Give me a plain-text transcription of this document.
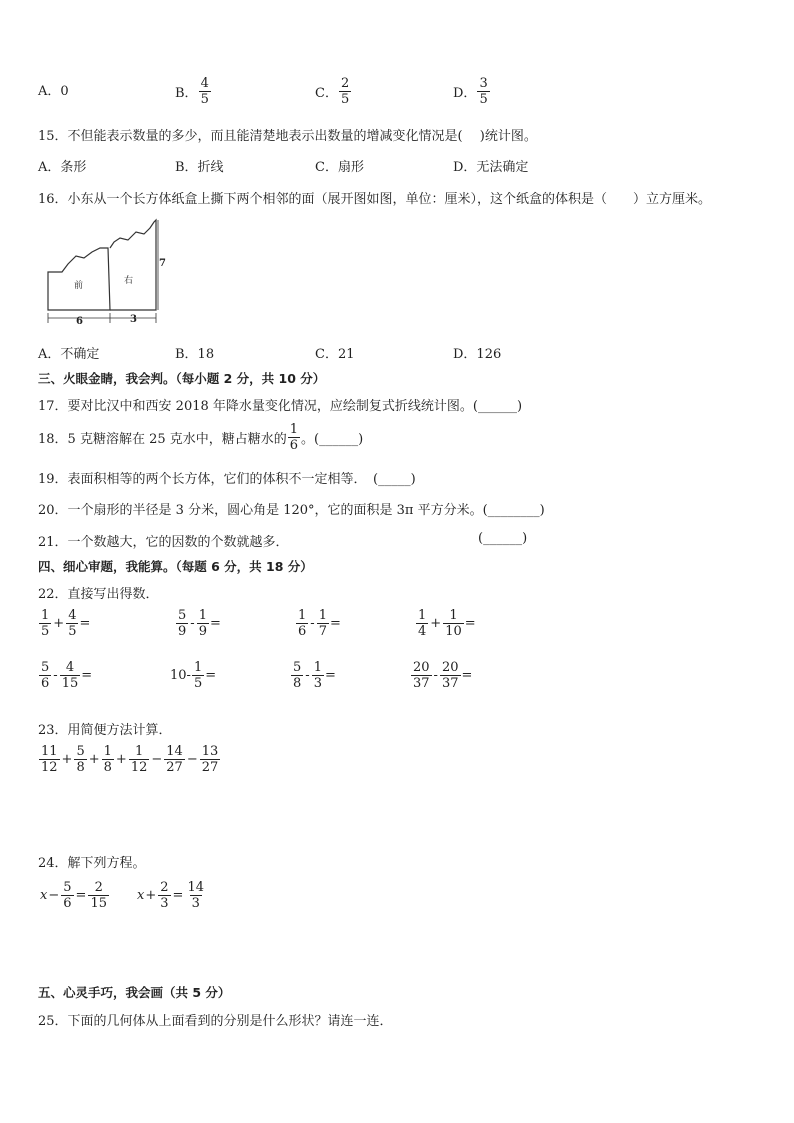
A．0	B． $\frac{4}{5}$	C． $\frac{2}{5}$	D． $\frac{3}{5}$
15．不但能表示数量的多少，而且能清楚地表示出数量的增减变化情况是(　 )统计图。
A．条形	B．折线	C．扇形	D．无法确定
16．小东从一个长方体纸盒上撕下两个相邻的面（展开图如图，单位：厘米），这个纸盒的体积是（　　）立方厘米。
前	右
7
6	3
A．不确定	B．18	C．21	D．126
三、火眼金睛，我会判。（每小题 2 分，共 10 分）
17．要对比汉中和西安 2018 年降水量变化情况，应绘制复式折线统计图。(______)
18．5 克糖溶解在 25 克水中，糖占糖水的 $\frac{1}{6}$ 。(______)
19．表面积相等的两个长方体，它们的体积不一定相等．　(_____)
20．一个扇形的半径是 3 分米，圆心角是 120°，它的面积是 3π 平方分米。(________)
21．一个数越大，它的因数的个数就越多．	(______)
四、细心审题，我能算。（每题 6 分，共 18 分）
22．直接写出得数．
$\frac{1}{5} + \frac{4}{5}$ =	$\frac{5}{9} - \frac{1}{9}$ =	$\frac{1}{6} - \frac{1}{7}$ =	$\frac{1}{4} + \frac{1}{10}$ =
$\frac{5}{6} - \frac{4}{15}$ =	$10- \frac{1}{5}$ =	$\frac{5}{8} - \frac{1}{3}$ =	$\frac{20}{37} - \frac{20}{37}$ =
23．用简便方法计算．
$\frac{11}{12} + \frac{5}{8} + \frac{1}{8} + \frac{1}{12} - \frac{14}{27} - \frac{13}{27}$
24．解下列方程。
$x - \frac{5}{6} = \frac{2}{15}$ $x + \frac{2}{3} = \frac{14}{3}$
五、心灵手巧，我会画（共 5 分）
25．下面的几何体从上面看到的分别是什么形状？请连一连．
